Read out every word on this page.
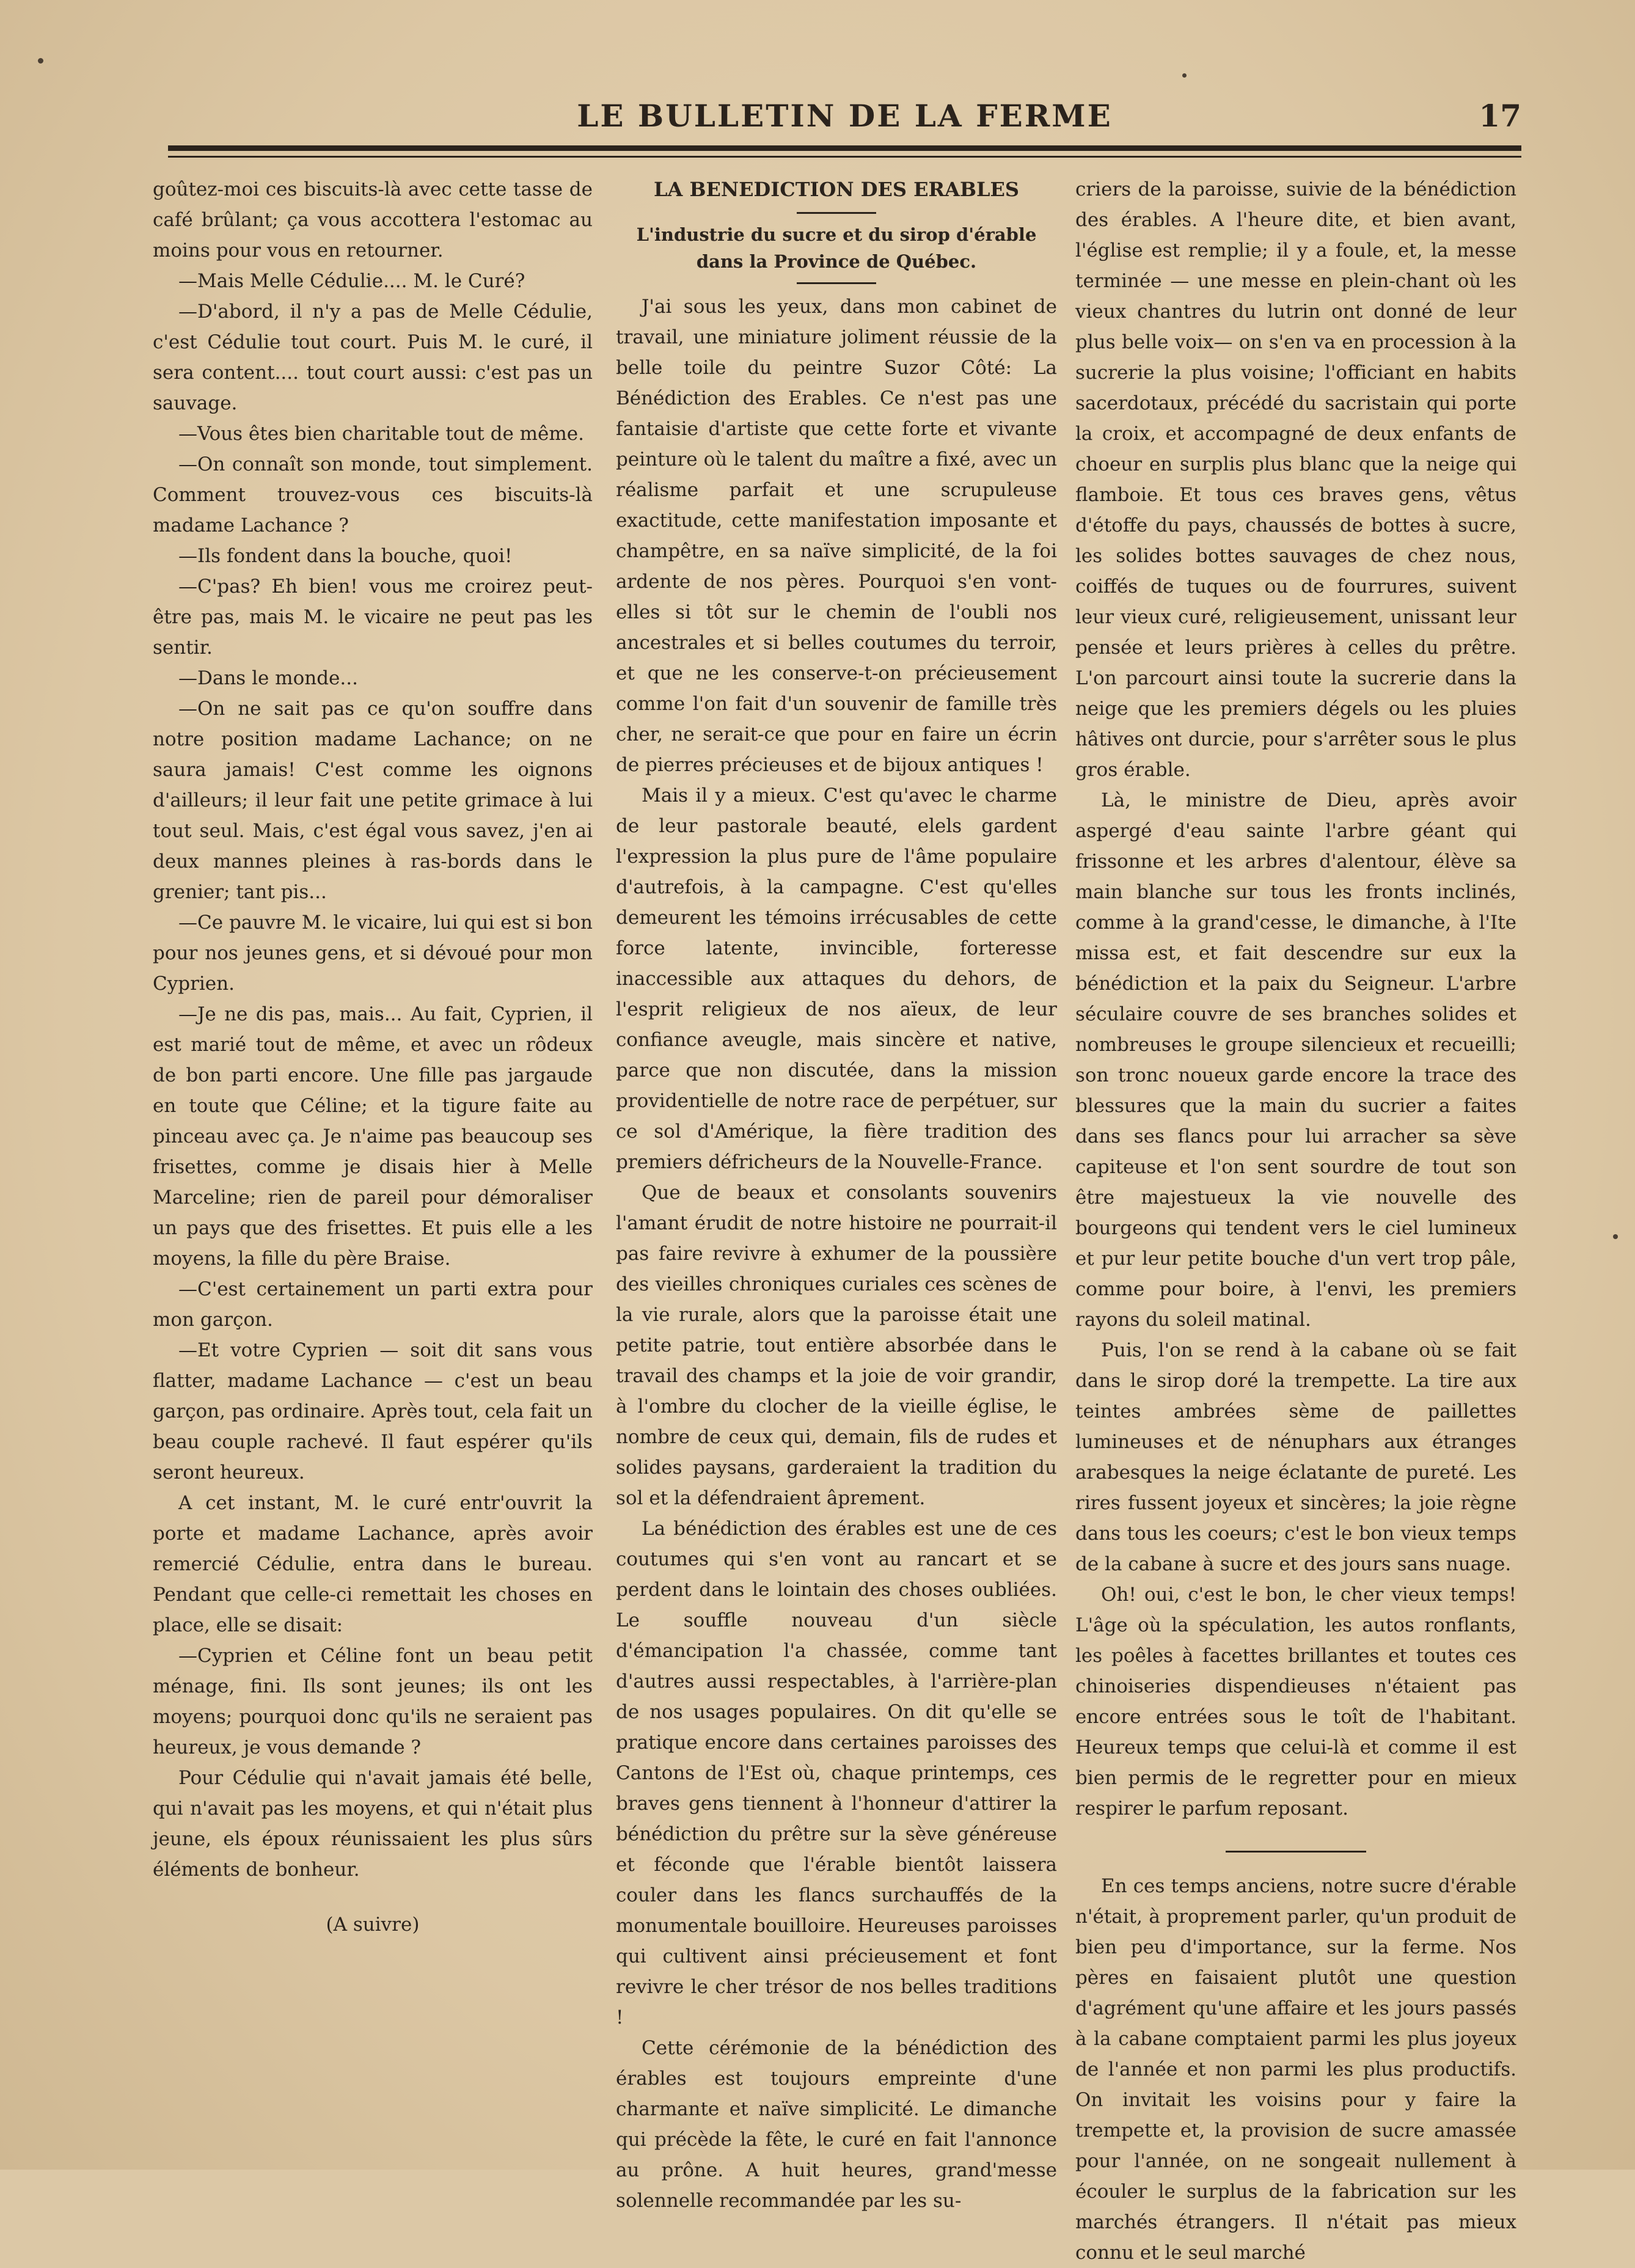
LE BULLETIN DE LA FERME	17

goûtez-moi ces biscuits-là avec cette tasse de café brûlant; ça vous accottera l'estomac au moins pour vous en retourner.

—Mais Melle Cédulie.... M. le Curé?

—D'abord, il n'y a pas de Melle Cédulie, c'est Cédulie tout court. Puis M. le curé, il sera content.... tout court aussi: c'est pas un sauvage.

—Vous êtes bien charitable tout de même.

—On connaît son monde, tout simplement. Comment trouvez-vous ces biscuits-là madame Lachance ?

—Ils fondent dans la bouche, quoi!

—C'pas? Eh bien! vous me croirez peut-être pas, mais M. le vicaire ne peut pas les sentir.

—Dans le monde...

—On ne sait pas ce qu'on souffre dans notre position madame Lachance; on ne saura jamais! C'est comme les oignons d'ailleurs; il leur fait une petite grimace à lui tout seul. Mais, c'est égal vous savez, j'en ai deux mannes pleines à ras-bords dans le grenier; tant pis...

—Ce pauvre M. le vicaire, lui qui est si bon pour nos jeunes gens, et si dévoué pour mon Cyprien.

—Je ne dis pas, mais... Au fait, Cyprien, il est marié tout de même, et avec un rôdeux de bon parti encore. Une fille pas jargaude en toute que Céline; et la tigure faite au pinceau avec ça. Je n'aime pas beaucoup ses frisettes, comme je disais hier à Melle Marceline; rien de pareil pour démoraliser un pays que des frisettes. Et puis elle a les moyens, la fille du père Braise.

—C'est certainement un parti extra pour mon garçon.

—Et votre Cyprien — soit dit sans vous flatter, madame Lachance — c'est un beau garçon, pas ordinaire. Après tout, cela fait un beau couple rachevé. Il faut espérer qu'ils seront heureux.

A cet instant, M. le curé entr'ouvrit la porte et madame Lachance, après avoir remercié Cédulie, entra dans le bureau. Pendant que celle-ci remettait les choses en place, elle se disait:

—Cyprien et Céline font un beau petit ménage, fini. Ils sont jeunes; ils ont les moyens; pourquoi donc qu'ils ne seraient pas heureux, je vous demande ?

Pour Cédulie qui n'avait jamais été belle, qui n'avait pas les moyens, et qui n'était plus jeune, els époux réunissaient les plus sûrs éléments de bonheur.

(A suivre)

LA BENEDICTION DES ERABLES

L'industrie du sucre et du sirop d'érable dans la Province de Québec.

J'ai sous les yeux, dans mon cabinet de travail, une miniature joliment réussie de la belle toile du peintre Suzor Côté: La Bénédiction des Erables. Ce n'est pas une fantaisie d'artiste que cette forte et vivante peinture où le talent du maître a fixé, avec un réalisme parfait et une scrupuleuse exactitude, cette manifestation imposante et champêtre, en sa naïve simplicité, de la foi ardente de nos pères. Pourquoi s'en vont-elles si tôt sur le chemin de l'oubli nos ancestrales et si belles coutumes du terroir, et que ne les conserve-t-on précieusement comme l'on fait d'un souvenir de famille très cher, ne serait-ce que pour en faire un écrin de pierres précieuses et de bijoux antiques !

Mais il y a mieux. C'est qu'avec le charme de leur pastorale beauté, elels gardent l'expression la plus pure de l'âme populaire d'autrefois, à la campagne. C'est qu'elles demeurent les témoins irrécusables de cette force latente, invincible, forteresse inaccessible aux attaques du dehors, de l'esprit religieux de nos aïeux, de leur confiance aveugle, mais sincère et native, parce que non discutée, dans la mission providentielle de notre race de perpétuer, sur ce sol d'Amérique, la fière tradition des premiers défricheurs de la Nouvelle-France.

Que de beaux et consolants souvenirs l'amant érudit de notre histoire ne pourrait-il pas faire revivre à exhumer de la poussière des vieilles chroniques curiales ces scènes de la vie rurale, alors que la paroisse était une petite patrie, tout entière absorbée dans le travail des champs et la joie de voir grandir, à l'ombre du clocher de la vieille église, le nombre de ceux qui, demain, fils de rudes et solides paysans, garderaient la tradition du sol et la défendraient âprement.

La bénédiction des érables est une de ces coutumes qui s'en vont au rancart et se perdent dans le lointain des choses oubliées. Le souffle nouveau d'un siècle d'émancipation l'a chassée, comme tant d'autres aussi respectables, à l'arrière-plan de nos usages populaires. On dit qu'elle se pratique encore dans certaines paroisses des Cantons de l'Est où, chaque printemps, ces braves gens tiennent à l'honneur d'attirer la bénédiction du prêtre sur la sève généreuse et féconde que l'érable bientôt laissera couler dans les flancs surchauffés de la monumentale bouilloire. Heureuses paroisses qui cultivent ainsi précieusement et font revivre le cher trésor de nos belles traditions !

Cette cérémonie de la bénédiction des érables est toujours empreinte d'une charmante et naïve simplicité. Le dimanche qui précède la fête, le curé en fait l'annonce au prône. A huit heures, grand'messe solennelle recommandée par les su-

criers de la paroisse, suivie de la bénédiction des érables. A l'heure dite, et bien avant, l'église est remplie; il y a foule, et, la messe terminée — une messe en plein-chant où les vieux chantres du lutrin ont donné de leur plus belle voix— on s'en va en procession à la sucrerie la plus voisine; l'officiant en habits sacerdotaux, précédé du sacristain qui porte la croix, et accompagné de deux enfants de choeur en surplis plus blanc que la neige qui flamboie. Et tous ces braves gens, vêtus d'étoffe du pays, chaussés de bottes à sucre, les solides bottes sauvages de chez nous, coiffés de tuques ou de fourrures, suivent leur vieux curé, religieusement, unissant leur pensée et leurs prières à celles du prêtre. L'on parcourt ainsi toute la sucrerie dans la neige que les premiers dégels ou les pluies hâtives ont durcie, pour s'arrêter sous le plus gros érable.

Là, le ministre de Dieu, après avoir aspergé d'eau sainte l'arbre géant qui frissonne et les arbres d'alentour, élève sa main blanche sur tous les fronts inclinés, comme à la grand'cesse, le dimanche, à l'Ite missa est, et fait descendre sur eux la bénédiction et la paix du Seigneur. L'arbre séculaire couvre de ses branches solides et nombreuses le groupe silencieux et recueilli; son tronc noueux garde encore la trace des blessures que la main du sucrier a faites dans ses flancs pour lui arracher sa sève capiteuse et l'on sent sourdre de tout son être majestueux la vie nouvelle des bourgeons qui tendent vers le ciel lumineux et pur leur petite bouche d'un vert trop pâle, comme pour boire, à l'envi, les premiers rayons du soleil matinal.

Puis, l'on se rend à la cabane où se fait dans le sirop doré la trempette. La tire aux teintes ambrées sème de paillettes lumineuses et de nénuphars aux étranges arabesques la neige éclatante de pureté. Les rires fussent joyeux et sincères; la joie règne dans tous les coeurs; c'est le bon vieux temps de la cabane à sucre et des jours sans nuage.

Oh! oui, c'est le bon, le cher vieux temps! L'âge où la spéculation, les autos ronflants, les poêles à facettes brillantes et toutes ces chinoiseries dispendieuses n'étaient pas encore entrées sous le toît de l'habitant. Heureux temps que celui-là et comme il est bien permis de le regretter pour en mieux respirer le parfum reposant.

En ces temps anciens, notre sucre d'érable n'était, à proprement parler, qu'un produit de bien peu d'importance, sur la ferme. Nos pères en faisaient plutôt une question d'agrément qu'une affaire et les jours passés à la cabane comptaient parmi les plus joyeux de l'année et non parmi les plus productifs. On invitait les voisins pour y faire la trempette et, la provision de sucre amassée pour l'année, on ne songeait nullement à écouler le surplus de la fabrication sur les marchés étrangers. Il n'était pas mieux connu et le seul marché
